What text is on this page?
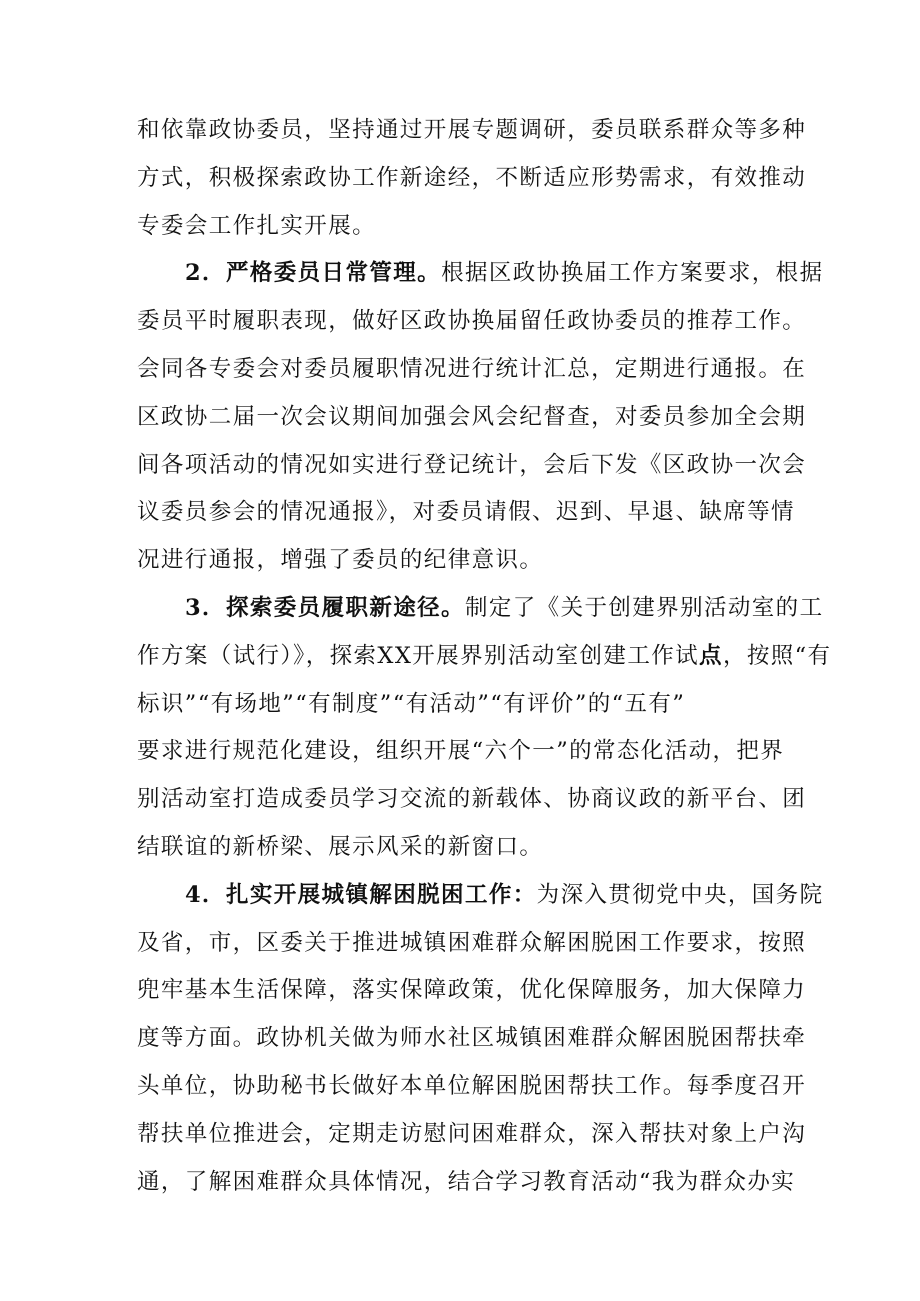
和依靠政协委员，坚持通过开展专题调研，委员联系群众等多种
方式，积极探索政协工作新途经，不断适应形势需求，有效推动
专委会工作扎实开展。
2．严格委员日常管理。根据区政协换届工作方案要求，根据
委员平时履职表现，做好区政协换届留任政协委员的推荐工作。
会同各专委会对委员履职情况进行统计汇总，定期进行通报。在
区政协二届一次会议期间加强会风会纪督查，对委员参加全会期
间各项活动的情况如实进行登记统计，会后下发《区政协一次会
议委员参会的情况通报》，对委员请假、迟到、早退、缺席等情
况进行通报，增强了委员的纪律意识。
3．探索委员履职新途径。制定了《关于创建界别活动室的工
作方案（试行）》，探索XX开展界别活动室创建工作试点，按照“有
标识”“有场地”“有制度”“有活动”“有评价”的“五有”
要求进行规范化建设，组织开展“六个一”的常态化活动，把界
别活动室打造成委员学习交流的新载体、协商议政的新平台、团
结联谊的新桥梁、展示风采的新窗口。
4．扎实开展城镇解困脱困工作：为深入贯彻党中央，国务院
及省，市，区委关于推进城镇困难群众解困脱困工作要求，按照
兜牢基本生活保障，落实保障政策，优化保障服务，加大保障力
度等方面。政协机关做为师水社区城镇困难群众解困脱困帮扶牵
头单位，协助秘书长做好本单位解困脱困帮扶工作。每季度召开
帮扶单位推进会，定期走访慰问困难群众，深入帮扶对象上户沟
通，了解困难群众具体情况，结合学习教育活动“我为群众办实
